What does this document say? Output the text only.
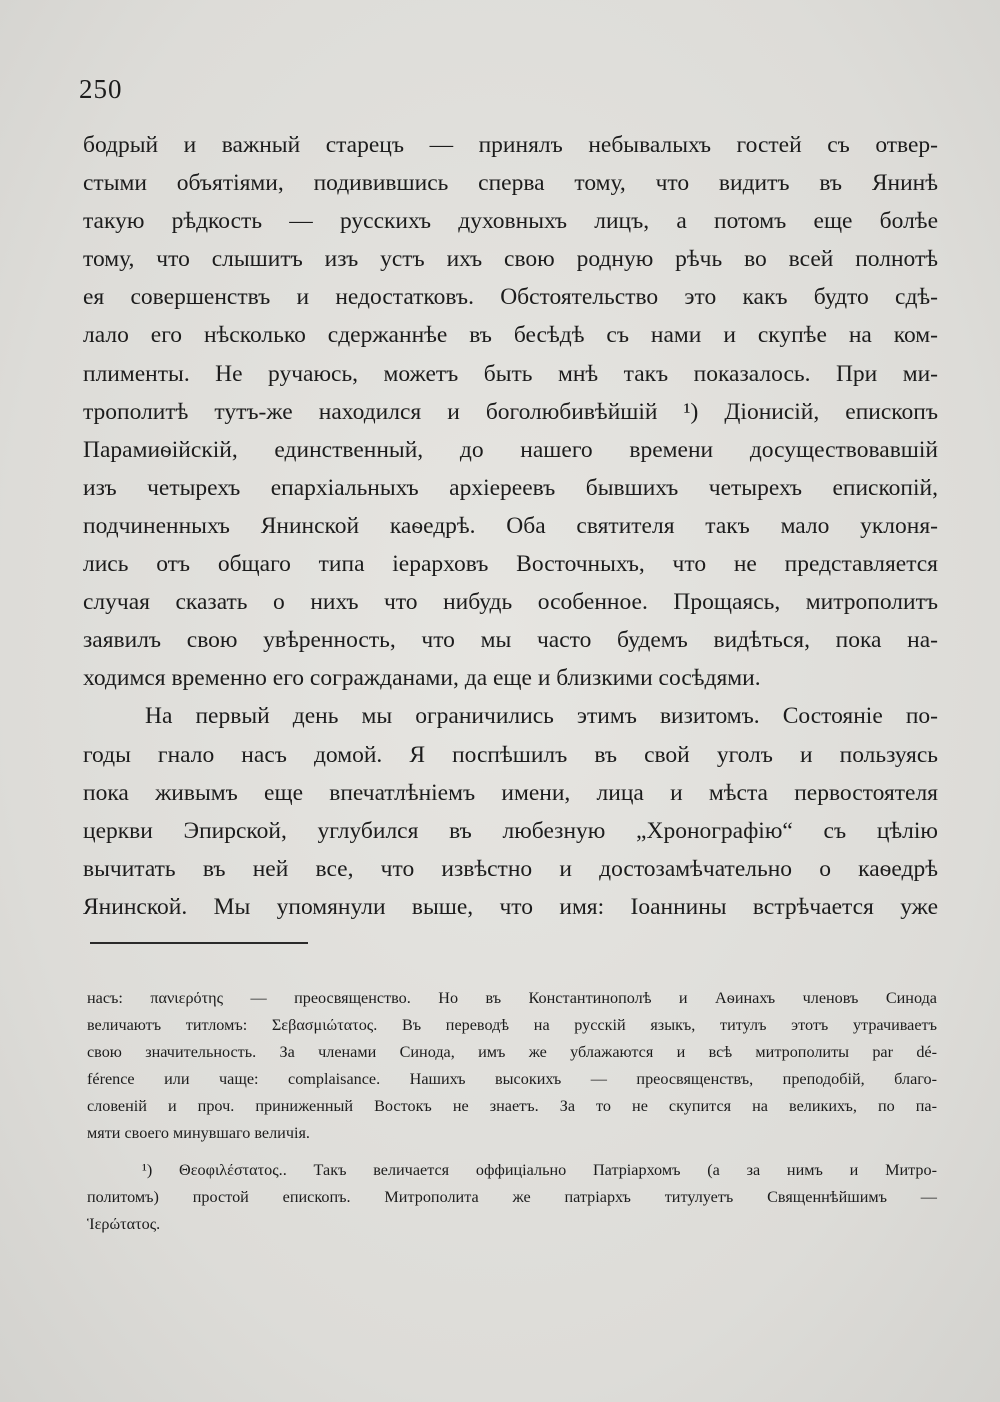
250
бодрый и важный старецъ — принялъ небывалыхъ гостей съ отвер-
стыми объятіями, подивившись сперва тому, что видитъ въ Янинѣ
такую рѣдкость — русскихъ духовныхъ лицъ, а потомъ еще болѣе
тому, что слышитъ изъ устъ ихъ свою родную рѣчь во всей полнотѣ
ея совершенствъ и недостатковъ. Обстоятельство это какъ будто сдѣ-
лало его нѣсколько сдержаннѣе въ бесѣдѣ съ нами и скупѣе на ком-
плименты. Не ручаюсь, можетъ быть мнѣ такъ показалось. При ми-
трополитѣ тутъ-же находился и боголюбивѣйшій ¹) Діонисій, епископъ
Парамиѳійскій, единственный, до нашего времени досуществовавшій
изъ четырехъ епархіальныхъ архіереевъ бывшихъ четырехъ епископій,
подчиненныхъ Янинской каѳедрѣ. Оба святителя такъ мало уклоня-
лись отъ общаго типа іерарховъ Восточныхъ, что не представляется
случая сказать о нихъ что нибудь особенное. Прощаясь, митрополитъ
заявилъ свою увѣренность, что мы часто будемъ видѣться, пока на-
ходимся временно его согражданами, да еще и близкими сосѣдями.
На первый день мы ограничились этимъ визитомъ. Состояніе по-
годы гнало насъ домой. Я поспѣшилъ въ свой уголъ и пользуясь
пока живымъ еще впечатлѣніемъ имени, лица и мѣста первостоятеля
церкви Эпирской, углубился въ любезную „Хронографію“ съ цѣлію
вычитать въ ней все, что извѣстно и достозамѣчательно о каѳедрѣ
Янинской. Мы упомянули выше, что имя: Іоаннины встрѣчается уже
насъ: πανιερότης — преосвященство. Но въ Константинополѣ и Аѳинахъ членовъ Синода
величаютъ титломъ: Σεβασμιώτατος. Въ переводѣ на русскій языкъ, титулъ этотъ утрачиваетъ
свою значительность. За членами Синода, имъ же ублажаются и всѣ митрополиты par dé-
férence или чаще: complaisance. Нашихъ высокихъ — преосвященствъ, преподобій, благо-
словеній и проч. приниженный Востокъ не знаетъ. За то не скупится на великихъ, по па-
мяти своего минувшаго величія.
¹) Θεοφιλέστατος.. Такъ величается оффиціально Патріархомъ (а за нимъ и Митро-
политомъ) простой епископъ. Митрополита же патріархъ титулуетъ Священнѣйшимъ —
Ἱερώτατος.
